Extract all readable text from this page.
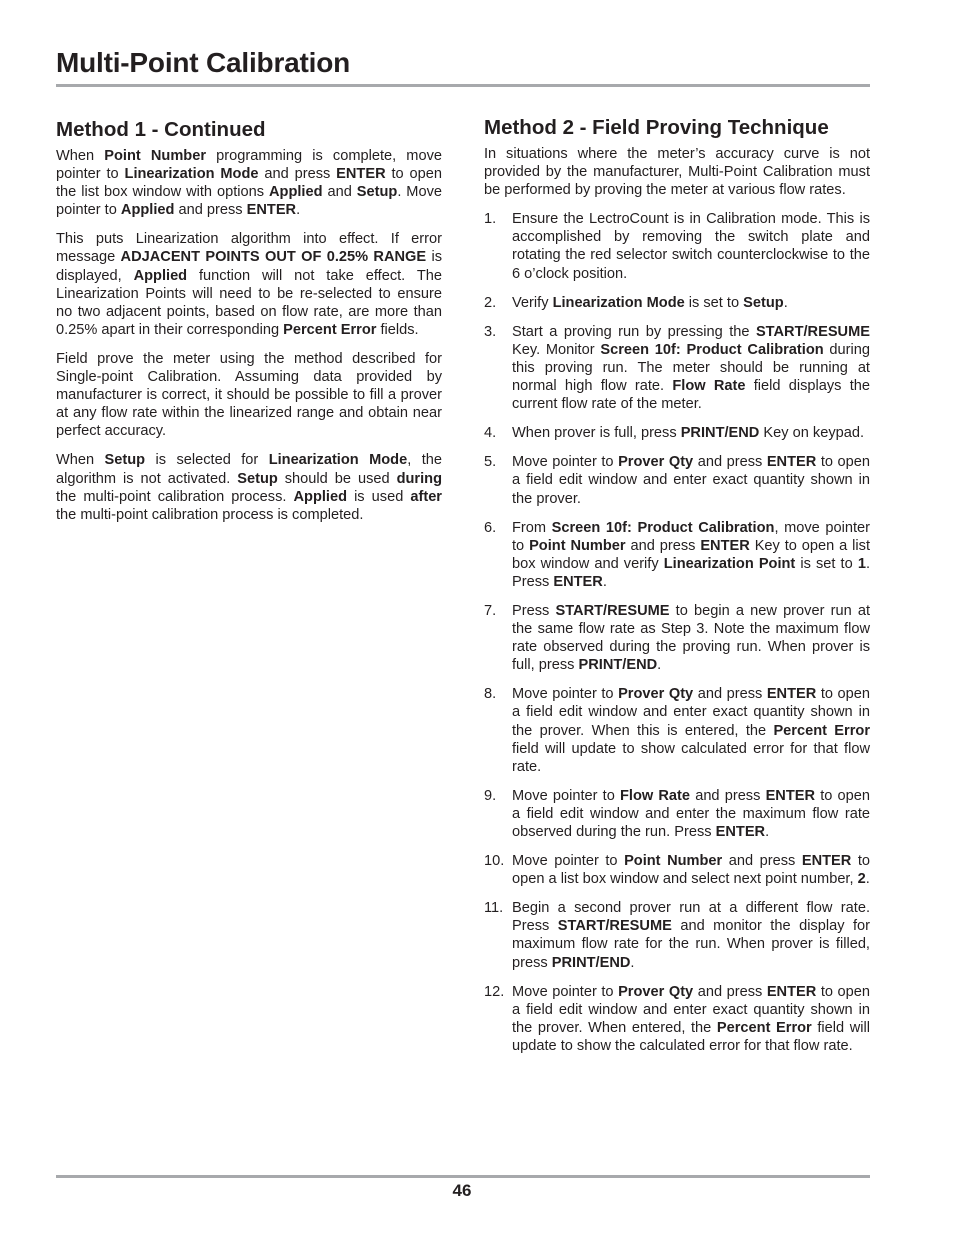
Multi-Point Calibration
Method 1 - Continued

When Point Number programming is complete, move pointer to Linearization Mode and press ENTER to open the list box window with options Applied and Setup. Move pointer to Applied and press ENTER.

This puts Linearization algorithm into effect. If error message ADJACENT POINTS OUT OF 0.25% RANGE is displayed, Applied function will not take effect. The Linearization Points will need to be re-selected to ensure no two adjacent points, based on flow rate, are more than 0.25% apart in their corresponding Percent Error fields.

Field prove the meter using the method described for Single-point Calibration. Assuming data provided by manufacturer is correct, it should be possible to fill a prover at any flow rate within the linearized range and obtain near perfect accuracy.

When Setup is selected for Linearization Mode, the algorithm is not activated. Setup should be used during the multi-point calibration process. Applied is used after the multi-point calibration process is completed.

Method 2 - Field Proving Technique

In situations where the meter’s accuracy curve is not provided by the manufacturer, Multi-Point Calibration must be performed by proving the meter at various flow rates.

1. Ensure the LectroCount is in Calibration mode. This is accomplished by removing the switch plate and rotating the red selector switch counterclockwise to the 6 o’clock position.
2. Verify Linearization Mode is set to Setup.
3. Start a proving run by pressing the START/RESUME Key. Monitor Screen 10f: Product Calibration during this proving run. The meter should be running at normal high flow rate. Flow Rate field displays the current flow rate of the meter.
4. When prover is full, press PRINT/END Key on keypad.
5. Move pointer to Prover Qty and press ENTER to open a field edit window and enter exact quantity shown in the prover.
6. From Screen 10f: Product Calibration, move pointer to Point Number and press ENTER Key to open a list box window and verify Linearization Point is set to 1. Press ENTER.
7. Press START/RESUME to begin a new prover run at the same flow rate as Step 3. Note the maximum flow rate observed during the proving run. When prover is full, press PRINT/END.
8. Move pointer to Prover Qty and press ENTER to open a field edit window and enter exact quantity shown in the prover. When this is entered, the Percent Error field will update to show calculated error for that flow rate.
9. Move pointer to Flow Rate and press ENTER to open a field edit window and enter the maximum flow rate observed during the run. Press ENTER.
10. Move pointer to Point Number and press ENTER to open a list box window and select next point number, 2.
11. Begin a second prover run at a different flow rate. Press START/RESUME and monitor the display for maximum flow rate for the run. When prover is filled, press PRINT/END.
12. Move pointer to Prover Qty and press ENTER to open a field edit window and enter exact quantity shown in the prover. When entered, the Percent Error field will update to show the calculated error for that flow rate.
46
